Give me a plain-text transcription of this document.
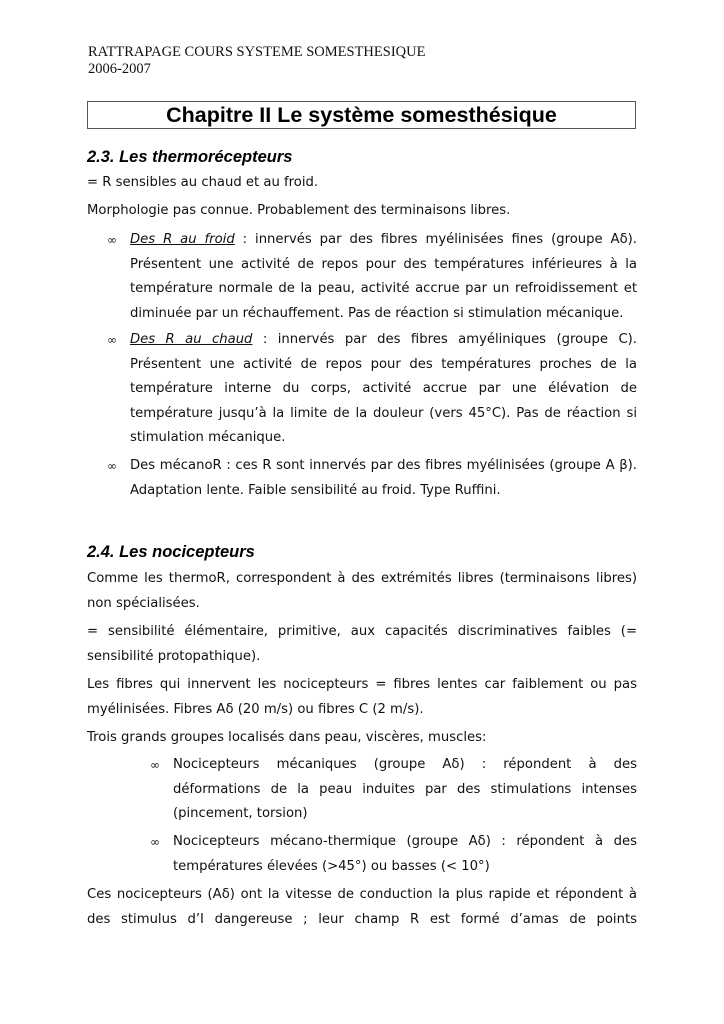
RATTRAPAGE COURS SYSTEME SOMESTHESIQUE
2006-2007
Chapitre II Le système somesthésique
2.3. Les thermorécepteurs
= R sensibles au chaud et au froid.
Morphologie pas connue. Probablement des terminaisons libres.
∞ Des R au froid : innervés par des fibres myélinisées fines (groupe Aδ). Présentent une activité de repos pour des températures inférieures à la température normale de la peau, activité accrue par un refroidissement et diminuée par un réchauffement. Pas de réaction si stimulation mécanique.
∞ Des R au chaud : innervés par des fibres amyéliniques (groupe C). Présentent une activité de repos pour des températures proches de la température interne du corps, activité accrue par une élévation de température jusqu’à la limite de la douleur (vers 45°C). Pas de réaction si stimulation mécanique.
∞ Des mécanoR : ces R sont innervés par des fibres myélinisées (groupe A β). Adaptation lente. Faible sensibilité au froid. Type Ruffini.
2.4. Les nocicepteurs
Comme les thermoR, correspondent à des extrémités libres (terminaisons libres) non spécialisées.
= sensibilité élémentaire, primitive, aux capacités discriminatives faibles (= sensibilité protopathique).
Les fibres qui innervent les nocicepteurs = fibres lentes car faiblement ou pas myélinisées. Fibres Aδ (20 m/s) ou fibres C (2 m/s).
Trois grands groupes localisés dans peau, viscères, muscles:
∞ Nocicepteurs mécaniques (groupe Aδ) : répondent à des déformations de la peau induites par des stimulations intenses (pincement, torsion)
∞ Nocicepteurs mécano-thermique (groupe Aδ) : répondent à des températures élevées (>45°) ou basses (< 10°)
Ces nocicepteurs (Aδ) ont la vitesse de conduction la plus rapide et répondent à des stimulus d’I dangereuse ; leur champ R est formé d’amas de points
